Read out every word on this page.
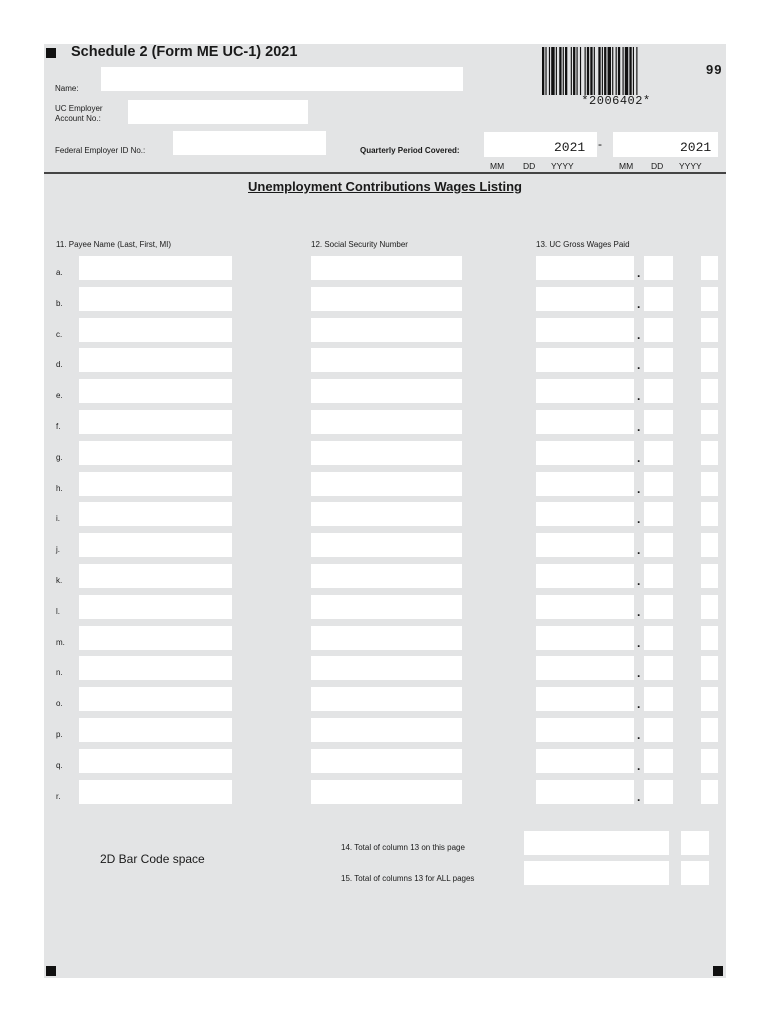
Schedule 2 (Form ME UC-1) 2021
*2006402*
99
Name:
UC Employer
Account No.:
Federal Employer ID No.:	Quarterly Period Covered:	2021 -	2021
MM DD YYYY	MM DD YYYY
Unemployment Contributions Wages Listing
11. Payee Name (Last, First, MI)	12. Social Security Number	13. UC Gross Wages Paid
a.	.
b.	.
c.	.
d.	.
e.	.
f.	.
g.	.
h.	.
i.	.
j.	.
k.	.
l.	.
m.	.
n.	.
o.	.
p.	.
q.	.
r.	.
14. Total of column 13 on this page
15. Total of columns 13 for ALL pages
2D Bar Code space
